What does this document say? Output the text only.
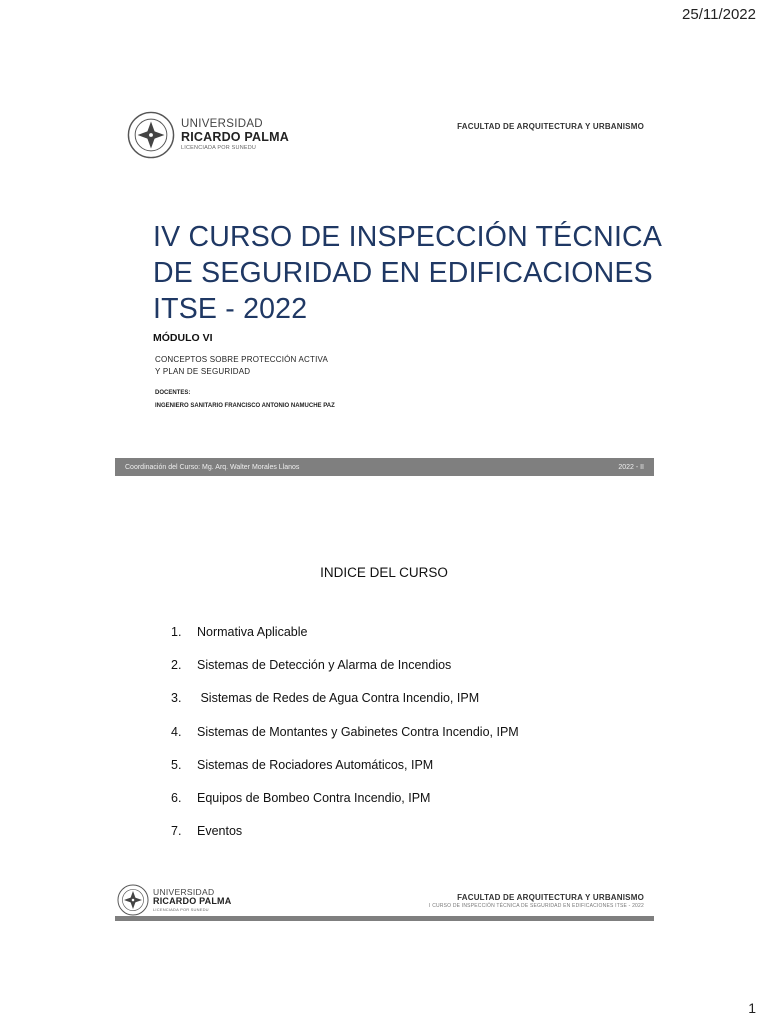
25/11/2022
UNIVERSIDAD
RICARDO PALMA
LICENCIADA POR SUNEDU
FACULTAD DE ARQUITECTURA Y URBANISMO
IV CURSO DE INSPECCIÓN TÉCNICA
DE SEGURIDAD EN EDIFICACIONES
ITSE - 2022
MÓDULO VI
CONCEPTOS SOBRE PROTECCIÓN ACTIVA
Y PLAN DE SEGURIDAD
DOCENTES:
INGENIERO SANITARIO FRANCISCO ANTONIO NAMUCHE PAZ
Coordinación del Curso: Mg. Arq. Walter Morales Llanos	2022 - II
INDICE DEL CURSO
1.	Normativa Aplicable
2.	Sistemas de Detección y Alarma de Incendios
3.	Sistemas de Redes de Agua Contra Incendio, IPM
4.	Sistemas de Montantes y Gabinetes Contra Incendio, IPM
5.	Sistemas de Rociadores Automáticos, IPM
6.	Equipos de Bombeo Contra Incendio, IPM
7.	Eventos
UNIVERSIDAD
RICARDO PALMA
LICENCIADA POR SUNEDU
FACULTAD DE ARQUITECTURA Y URBANISMO
I CURSO DE INSPECCIÓN TÉCNICA DE SEGURIDAD EN EDIFICACIONES ITSE - 2022
1
